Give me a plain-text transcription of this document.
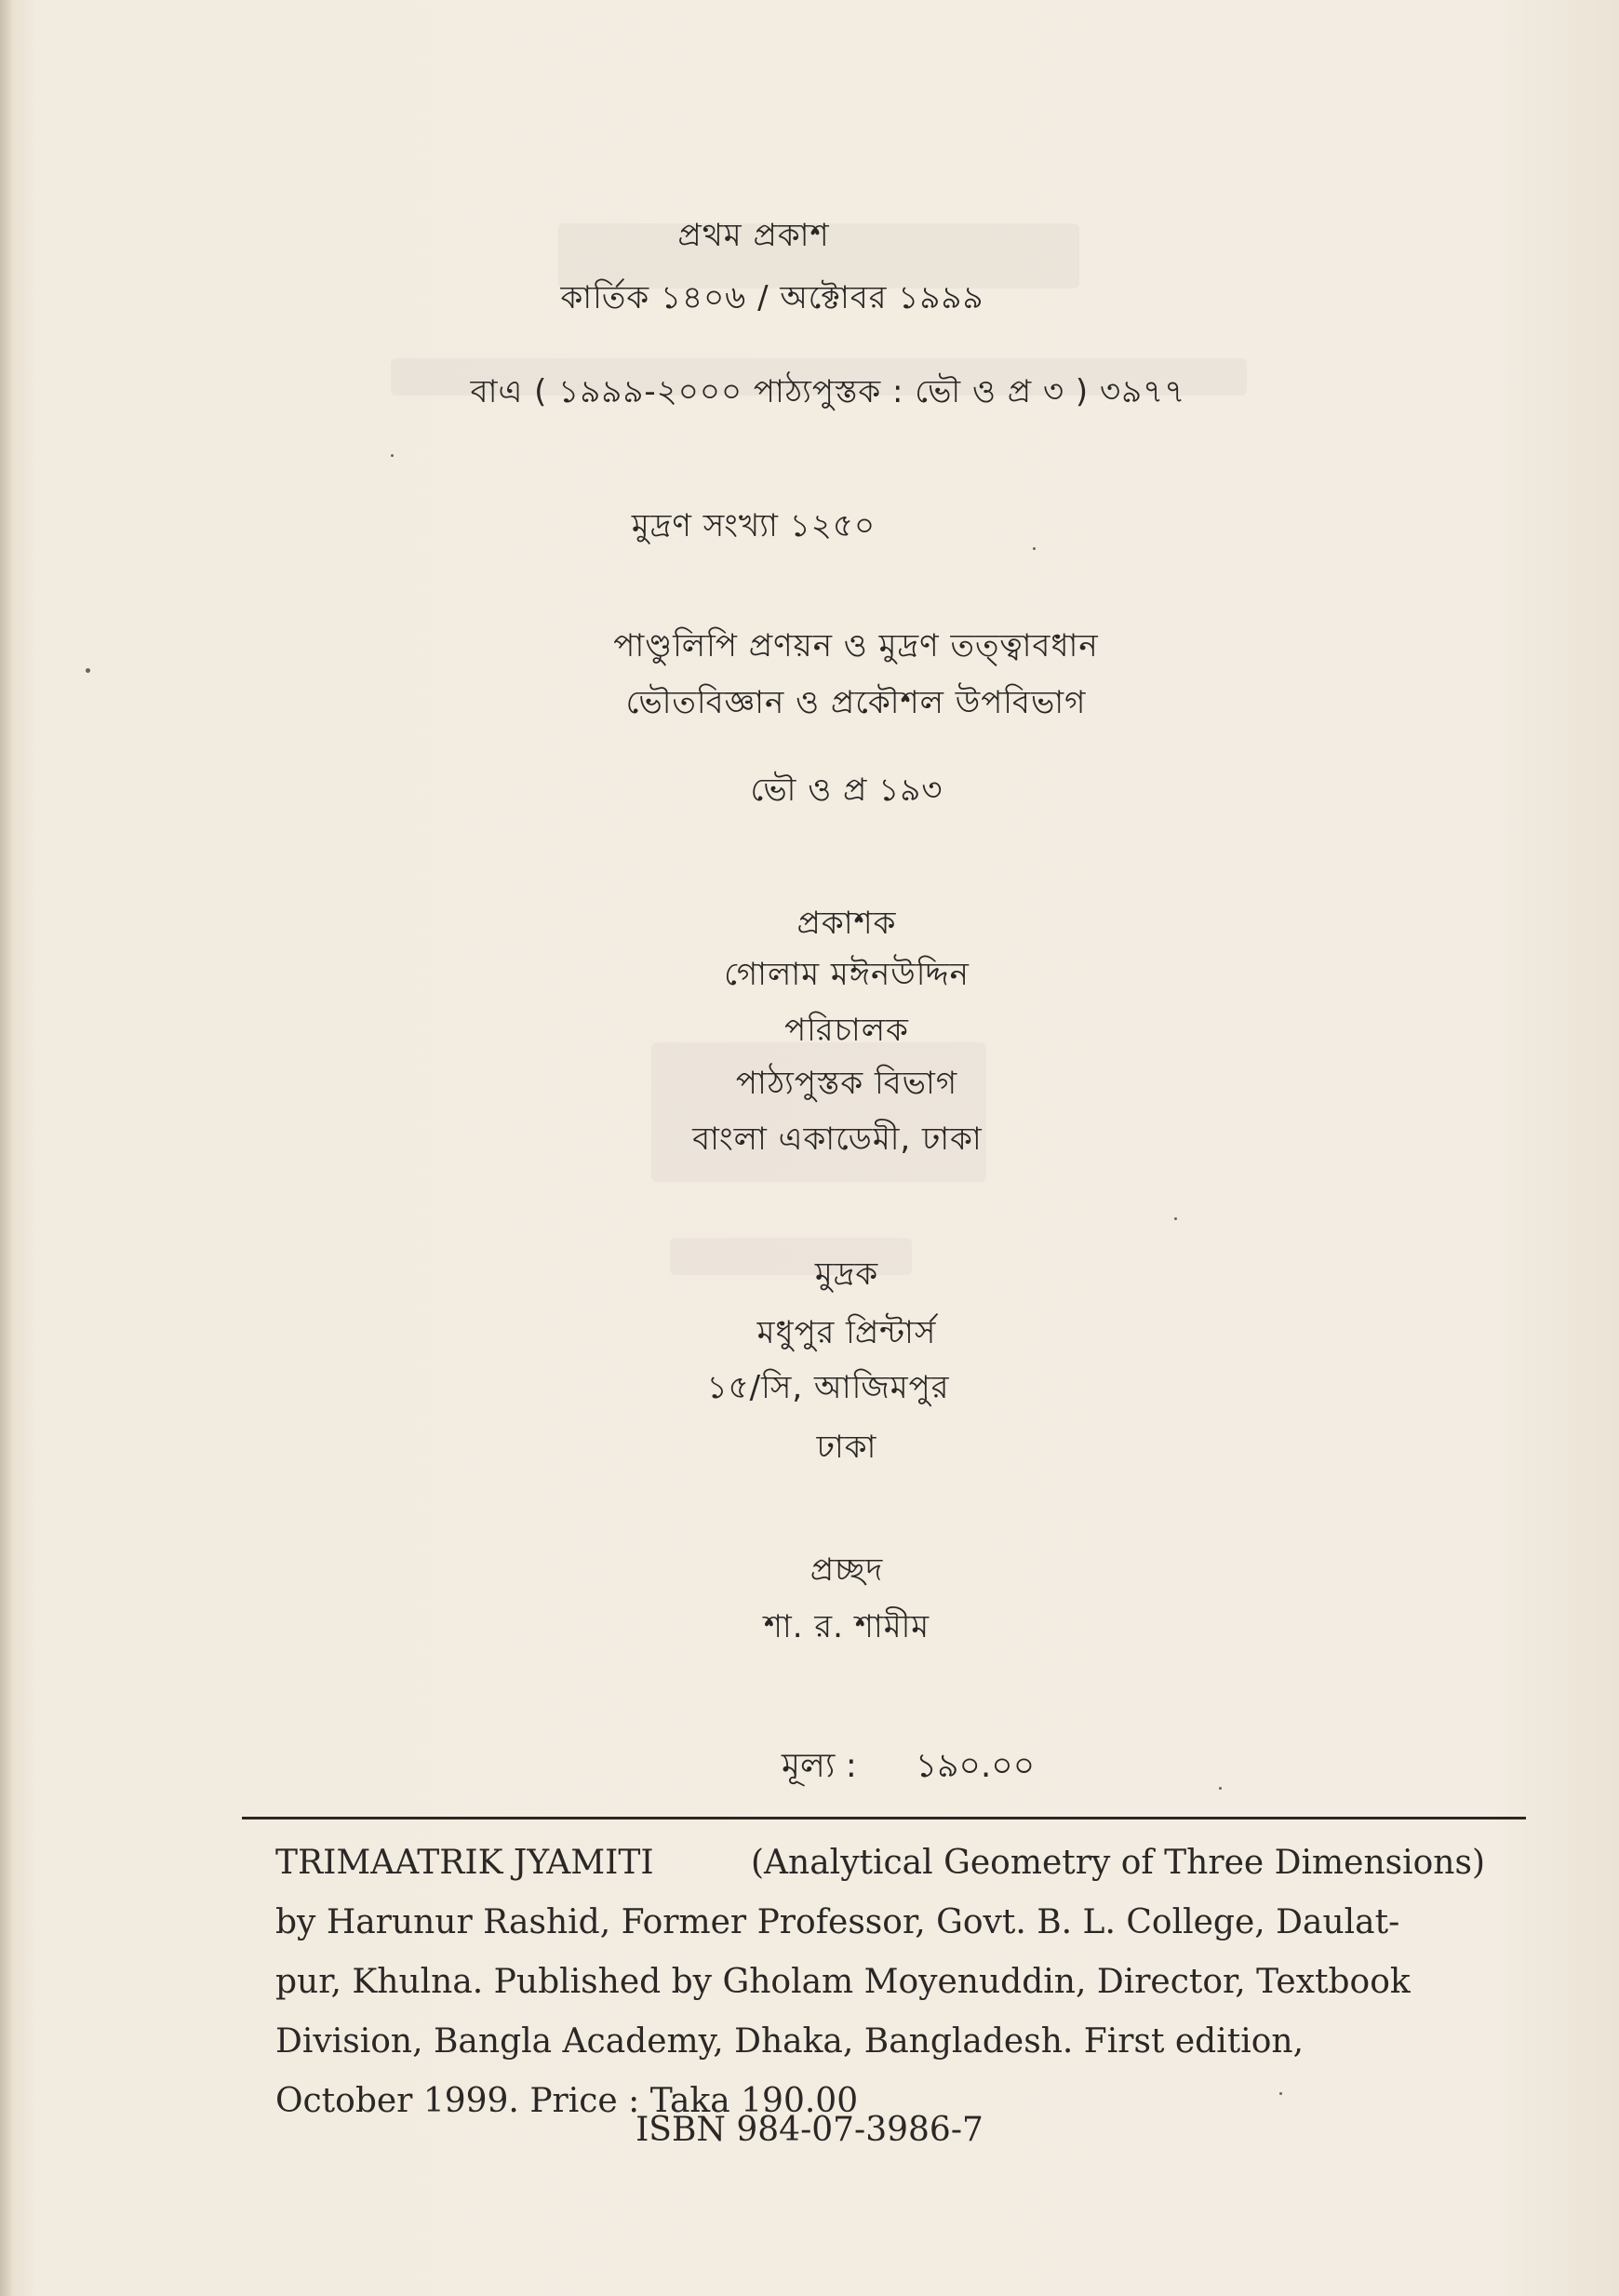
প্রথম প্রকাশ
কার্তিক ১৪০৬ / অক্টোবর ১৯৯৯
বাএ ( ১৯৯৯-২০০০ পাঠ্যপুস্তক : ভৌ ও প্র ৩ ) ৩৯৭৭
মুদ্রণ সংখ্যা ১২৫০
পাণ্ডুলিপি প্রণয়ন ও মুদ্রণ তত্ত্বাবধান
ভৌতবিজ্ঞান ও প্রকৌশল উপবিভাগ
ভৌ ও প্র ১৯৩
প্রকাশক
গোলাম মঈনউদ্দিন
পরিচালক
পাঠ্যপুস্তক বিভাগ
বাংলা একাডেমী, ঢাকা
মুদ্রক
মধুপুর প্রিন্টার্স
১৫/সি, আজিমপুর
ঢাকা
প্রচ্ছদ
শা. র. শামীম
মূল্য : ১৯০.০০
TRIMAATRIK JYAMITI	(Analytical Geometry of Three Dimensions)
by Harunur Rashid, Former Professor, Govt. B. L. College, Daulat-
pur, Khulna. Published by Gholam Moyenuddin, Director, Textbook
Division, Bangla Academy, Dhaka, Bangladesh. First edition,
October 1999. Price : Taka 190.00
ISBN 984-07-3986-7
